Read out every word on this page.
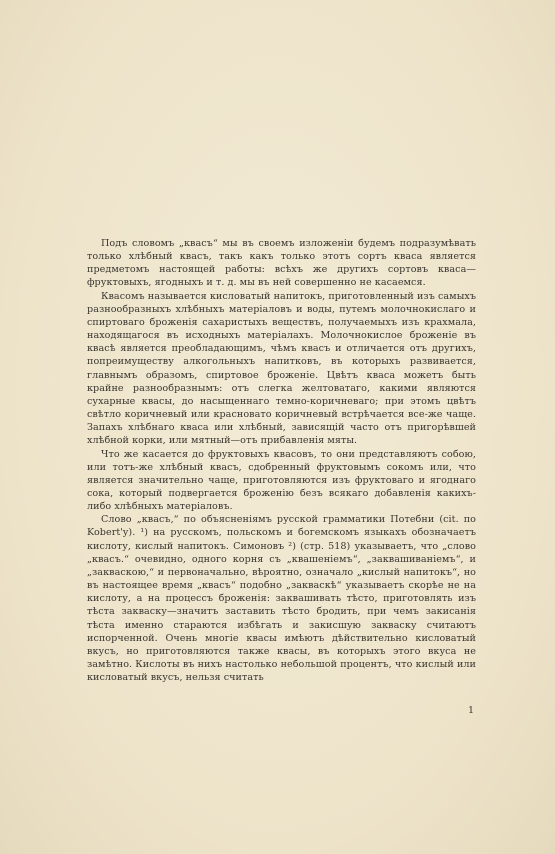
Подъ словомъ „квасъ“ мы въ своемъ изложеніи будемъ подразумѣвать только хлѣбный квасъ, такъ какъ только этотъ сортъ кваса является предметомъ настоящей работы: всѣхъ же другихъ сортовъ кваса—фруктовыхъ, ягодныхъ и т. д. мы въ ней совершенно не касаемся.

Квасомъ называется кисловатый напитокъ, приготовленный изъ самыхъ разнообразныхъ хлѣбныхъ матеріаловъ и воды, путемъ молочнокислаго и спиртоваго броженія сахаристыхъ веществъ, получаемыхъ изъ крахмала, находящагося въ исходныхъ матеріалахъ. Молочнокислое броженіе въ квасѣ является преобладающимъ, чѣмъ квасъ и отличается отъ другихъ, попреимуществу алкогольныхъ напитковъ, въ которыхъ развивается, главнымъ образомъ, спиртовое броженіе. Цвѣтъ кваса можетъ быть крайне разнообразнымъ: отъ слегка желтоватаго, какими являются сухарные квасы, до насыщеннаго темно-коричневаго; при этомъ цвѣтъ свѣтло коричневый или красновато коричневый встрѣчается все-же чаще. Запахъ хлѣбнаго кваса или хлѣбный, зависящій часто отъ пригорѣвшей хлѣбной корки, или мятный—отъ прибавленія мяты.

Что же касается до фруктовыхъ квасовъ, то они представляютъ собою, или тотъ-же хлѣбный квасъ, сдобренный фруктовымъ сокомъ или, что является значительно чаще, приготовляются изъ фруктоваго и ягоднаго сока, который подвергается броженію безъ всякаго добавленія какихъ-либо хлѣбныхъ матеріаловъ.

Слово „квасъ,“ по объясненіямъ русской грамматики Потебни (cit. по Kobert'y). ¹) на русскомъ, польскомъ и богемскомъ языкахъ обозначаетъ кислоту, кислый напитокъ. Симоновъ ²) (стр. 518) указываетъ, что „слово „квасъ.“ очевидно, одного корня съ „квашеніемъ“, „заквашиваніемъ“, и „закваскою,“ и первоначально, вѣроятно, означало „кислый напитокъ“, но въ настоящее время „квасъ“ подобно „закваскѣ“ указываетъ скорѣе не на кислоту, а на процессъ броженія: заквашивать тѣсто, приготовлять изъ тѣста закваску—значитъ заставить тѣсто бродить, при чемъ закисанія тѣста именно стараются избѣгать и закисшую закваску считаютъ испорченной. Очень многіе квасы имѣютъ дѣйствительно кисловатый вкусъ, но приготовляются также квасы, въ которыхъ этого вкуса не замѣтно. Кислоты въ нихъ настолько небольшой процентъ, что кислый или кисловатый вкусъ, нельзя считать

1
